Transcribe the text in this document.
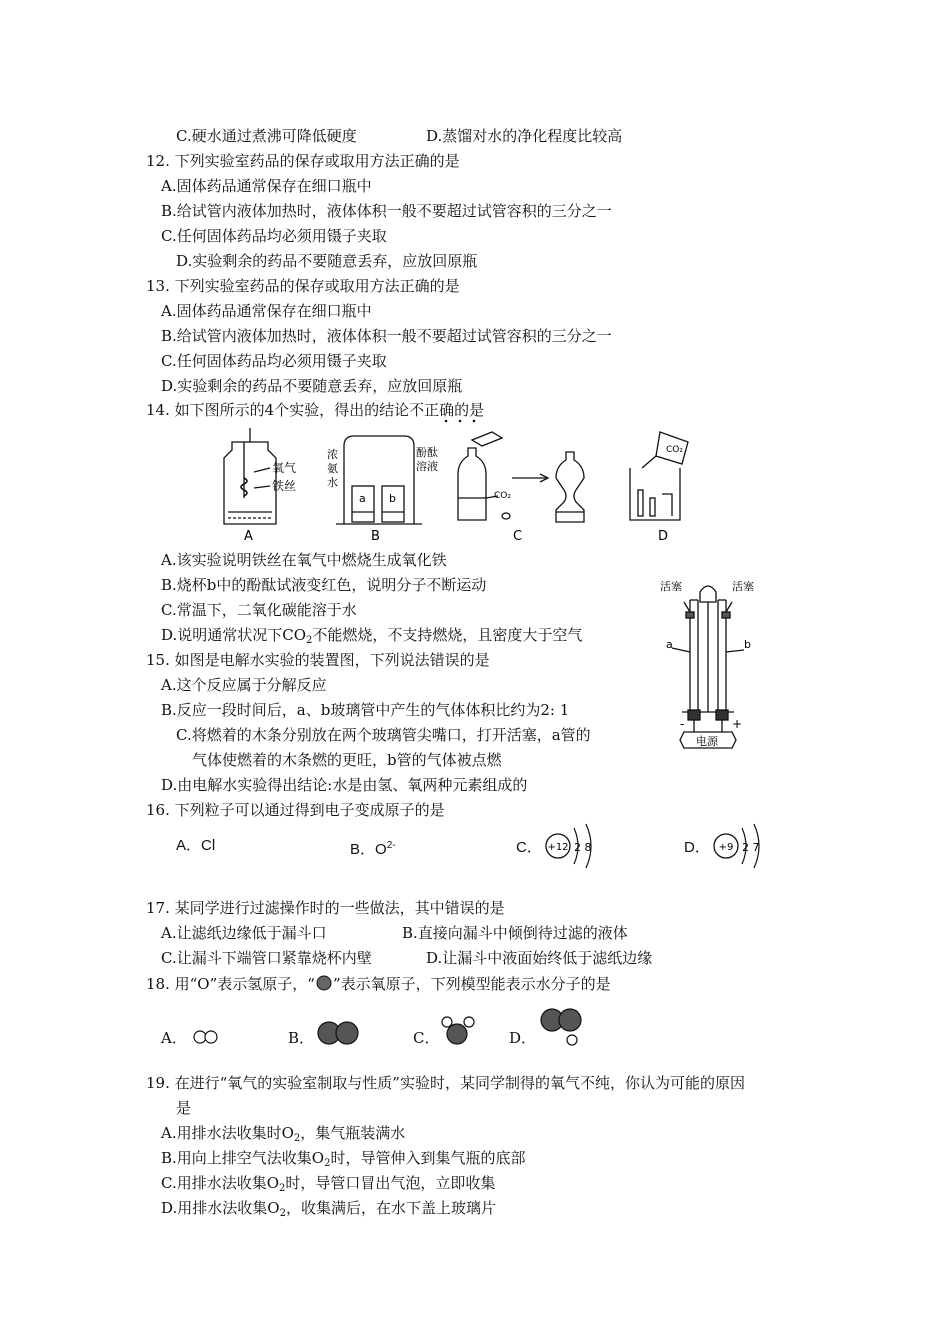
C.硬水通过煮沸可降低硬度	D.蒸馏对水的净化程度比较高
12. 下列实验室药品的保存或取用方法正确的是
A.固体药品通常保存在细口瓶中
B.给试管内液体加热时，液体体积一般不要超过试管容积的三分之一
C.任何固体药品均必须用镊子夹取
D.实验剩余的药品不要随意丢弃，应放回原瓶
13. 下列实验室药品的保存或取用方法正确的是
A.固体药品通常保存在细口瓶中
B.给试管内液体加热时，液体体积一般不要超过试管容积的三分之一
C.任何固体药品均必须用镊子夹取
D.实验剩余的药品不要随意丢弃，应放回原瓶
14. 如下图所示的4个实验，得出的结论不正确的是
氧气
铁丝
A
浓
氨
水
酚酞
溶液
a b
B
CO₂
C
CO₂
D
A.该实验说明铁丝在氧气中燃烧生成氧化铁
B.烧杯b中的酚酞试液变红色，说明分子不断运动
C.常温下，二氧化碳能溶于水
D.说明通常状况下$CO_2$不能燃烧，不支持燃烧，且密度大于空气
活塞	活塞
a	b
-	+
电源
15. 如图是电解水实验的装置图，下列说法错误的是
A.这个反应属于分解反应
B.反应一段时间后，a、b玻璃管中产生的气体体积比约为2: 1
C.将燃着的木条分别放在两个玻璃管尖嘴口，打开活塞，a管的
气体使燃着的木条燃的更旺，b管的气体被点燃
D.由电解水实验得出结论:水是由氢、氧两种元素组成的
16. 下列粒子可以通过得到电子变成原子的是
A．Cl	B．$O^{2-}$	C． +12 2 8	D． +9 2 7
17. 某同学进行过滤操作时的一些做法，其中错误的是
A.让滤纸边缘低于漏斗口	B.直接向漏斗中倾倒待过滤的液体
C.让漏斗下端管口紧靠烧杯内壁	D.让漏斗中液面始终低于滤纸边缘
18. 用“O”表示氢原子，“ ”表示氧原子，下列模型能表示水分子的是
A．	B．	C．	D．
19. 在进行“氧气的实验室制取与性质”实验时，某同学制得的氧气不纯，你认为可能的原因
是
A.用排水法收集时$O_2$，集气瓶装满水
B.用向上排空气法收集$O_2$时，导管伸入到集气瓶的底部
C.用排水法收集$O_2$时，导管口冒出气泡，立即收集
D.用排水法收集$O_2$，收集满后，在水下盖上玻璃片
